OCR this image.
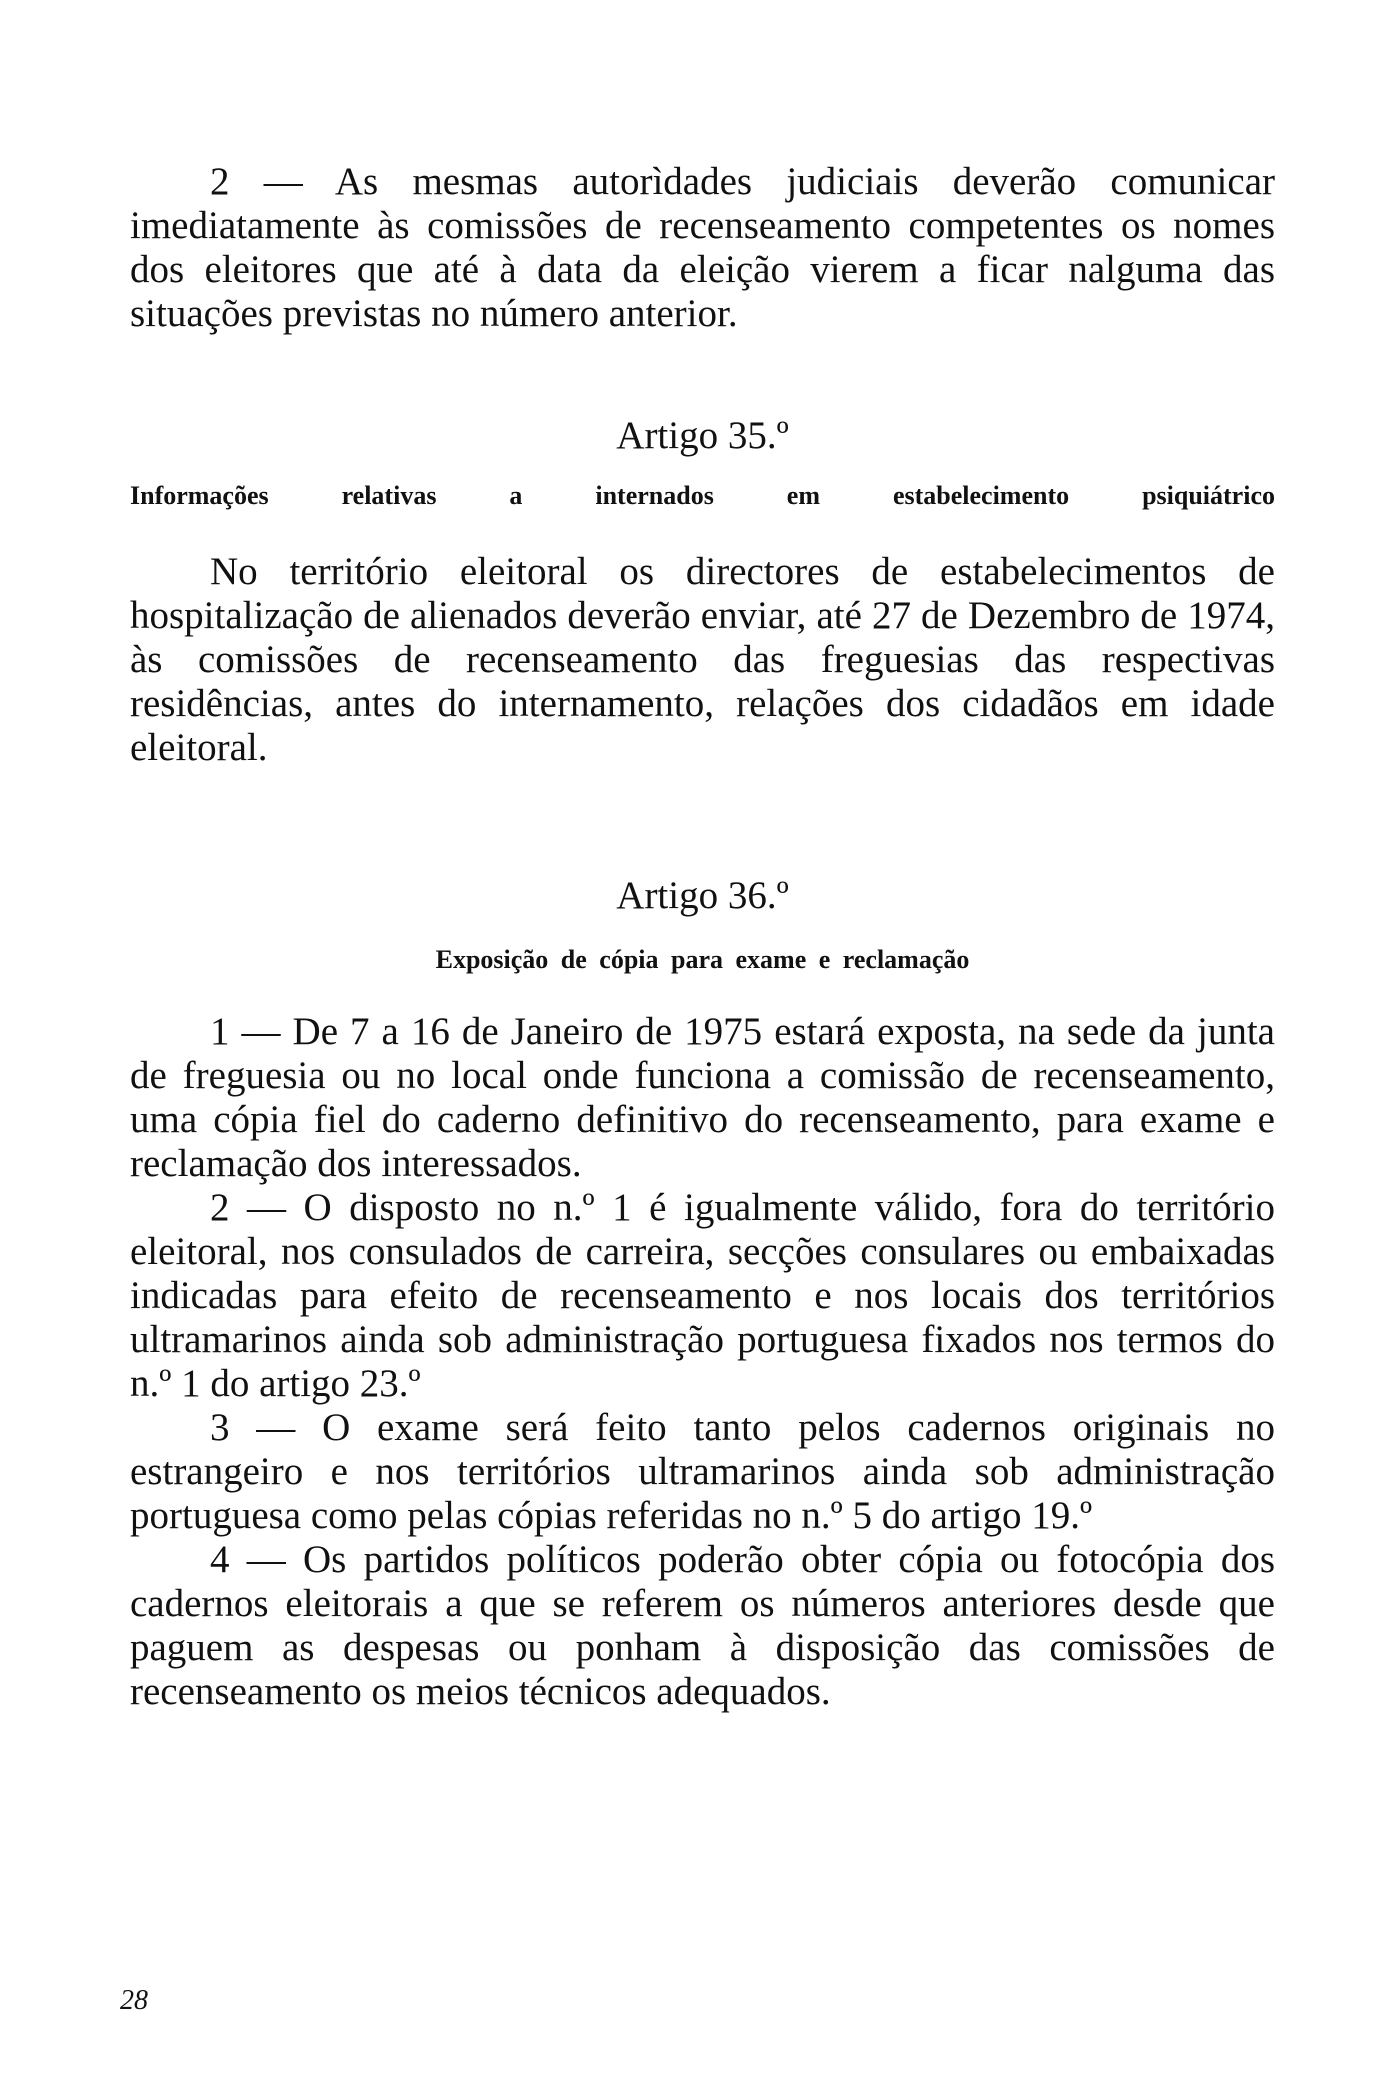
2 — As mesmas autorìdades judiciais deverão comunicar imediatamente às comissões de recenseamento competentes os nomes dos eleitores que até à data da eleição vierem a ficar nalguma das situações previstas no número anterior.

Artigo 35.º

Informações relativas a internados em estabelecimento psiquiátrico

No território eleitoral os directores de estabelecimentos de hospitalização de alienados deverão enviar, até 27 de Dezembro de 1974, às comissões de recenseamento das freguesias das respectivas residências, antes do internamento, relações dos cidadãos em idade eleitoral.

Artigo 36.º

Exposição de cópia para exame e reclamação

1 — De 7 a 16 de Janeiro de 1975 estará exposta, na sede da junta de freguesia ou no local onde funciona a comissão de recenseamento, uma cópia fiel do caderno definitivo do recenseamento, para exame e reclamação dos interessados.

2 — O disposto no n.º 1 é igualmente válido, fora do território eleitoral, nos consulados de carreira, secções consulares ou embaixadas indicadas para efeito de recenseamento e nos locais dos territórios ultramarinos ainda sob administração portuguesa fixados nos termos do n.º 1 do artigo 23.º

3 — O exame será feito tanto pelos cadernos originais no estrangeiro e nos territórios ultramarinos ainda sob administração portuguesa como pelas cópias referidas no n.º 5 do artigo 19.º

4 — Os partidos políticos poderão obter cópia ou fotocópia dos cadernos eleitorais a que se referem os números anteriores desde que paguem as despesas ou ponham à disposição das comissões de recenseamento os meios técnicos adequados.

28
